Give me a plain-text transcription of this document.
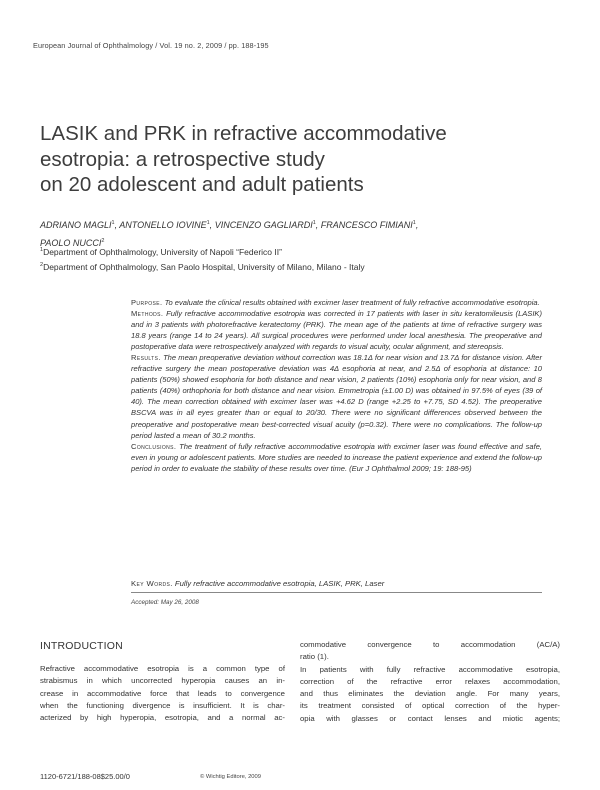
European Journal of Ophthalmology / Vol. 19 no. 2, 2009 / pp. 188-195
LASIK and PRK in refractive accommodative
esotropia: a retrospective study
on 20 adolescent and adult patients
ADRIANO MAGLI$^1$, ANTONELLO IOVINE$^1$, VINCENZO GAGLIARDI$^1$, FRANCESCO FIMIANI$^1$,
PAOLO NUCCI$^2$
$^1$Department of Ophthalmology, University of Napoli “Federico II”
$^2$Department of Ophthalmology, San Paolo Hospital, University of Milano, Milano - Italy

Purpose. To evaluate the clinical results obtained with excimer laser treatment of fully refractive accommodative esotropia.

Methods. Fully refractive accommodative esotropia was corrected in 17 patients with laser in situ keratomileusis (LASIK) and in 3 patients with photorefractive keratectomy (PRK). The mean age of the patients at time of refractive surgery was 18.8 years (range 14 to 24 years). All surgical procedures were performed under local anesthesia. The preoperative and postoperative data were retrospectively analyzed with regards to visual acuity, ocular alignment, and stereopsis.

Results. The mean preoperative deviation without correction was 18.1Δ for near vision and 13.7Δ for distance vision. After refractive surgery the mean postoperative deviation was 4Δ esophoria at near, and 2.5Δ of esophoria at distance: 10 patients (50%) showed esophoria for both distance and near vision, 2 patients (10%) esophoria only for near vision, and 8 patients (40%) orthophoria for both distance and near vision. Emmetropia (±1.00 D) was obtained in 97.5% of eyes (39 of 40). The mean correction obtained with excimer laser was +4.62 D (range +2.25 to +7.75, SD 4.52). The preoperative BSCVA was in all eyes greater than or equal to 20/30. There were no significant differences observed between the preoperative and postoperative mean best-corrected visual acuity (p=0.32). There were no complications. The follow-up period lasted a mean of 30.2 months.

Conclusions. The treatment of fully refractive accommodative esotropia with excimer laser was found effective and safe, even in young or adolescent patients. More studies are needed to increase the patient experience and extend the follow-up period in order to evaluate the stability of these results over time. (Eur J Ophthalmol 2009; 19: 188-95)

Key Words. Fully refractive accommodative esotropia, LASIK, PRK, Laser
Accepted: May 26, 2008
INTRODUCTION
Refractive accommodative esotropia is a common type of
strabismus in which uncorrected hyperopia causes an in-
crease in accommodative force that leads to convergence
when the functioning divergence is insufficient. It is char-
acterized by high hyperopia, esotropia, and a normal ac-
commodative convergence to accommodation (AC/A)
ratio (1).
In patients with fully refractive accommodative esotropia,
correction of the refractive error relaxes accommodation,
and thus eliminates the deviation angle. For many years,
its treatment consisted of optical correction of the hyper-
opia with glasses or contact lenses and miotic agents;
1120-6721/188-08$25.00/0	© Wichtig Editore, 2009
